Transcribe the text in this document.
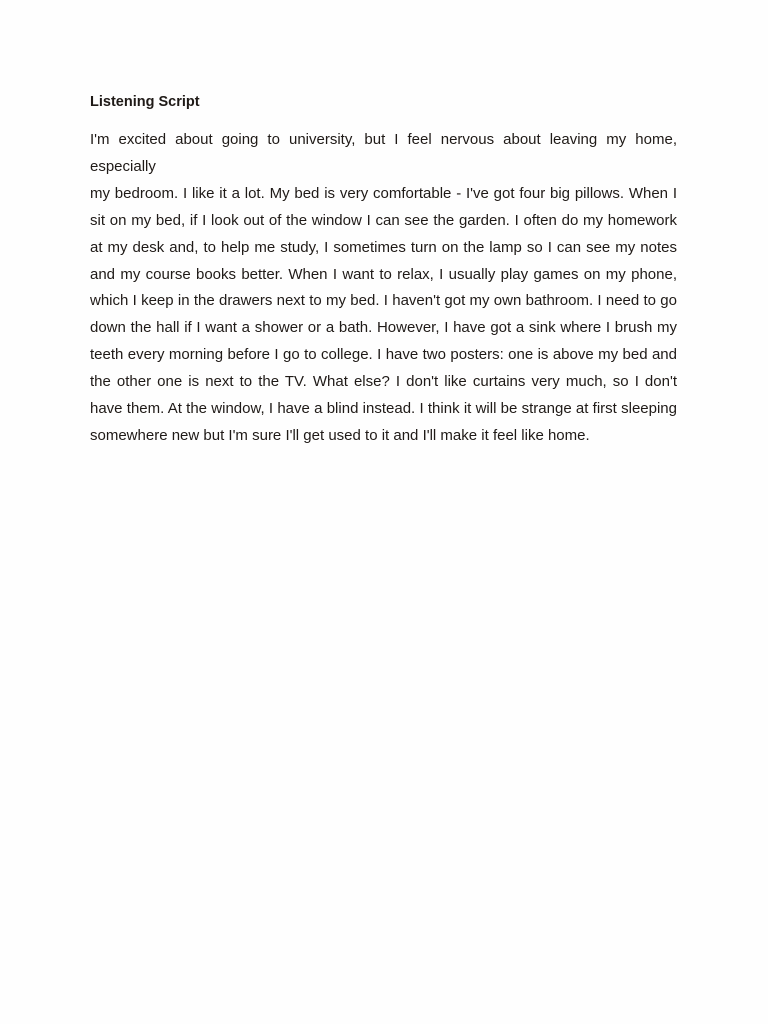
Listening Script

I'm excited about going to university, but I feel nervous about leaving my home, especially

my bedroom. I like it a lot. My bed is very comfortable - I've got four big pillows. When I sit on my bed, if I look out of the window I can see the garden. I often do my homework at my desk and, to help me study, I sometimes turn on the lamp so I can see my notes and my course books better. When I want to relax, I usually play games on my phone, which I keep in the drawers next to my bed. I haven't got my own bathroom. I need to go down the hall if I want a shower or a bath. However, I have got a sink where I brush my teeth every morning before I go to college. I have two posters: one is above my bed and the other one is next to the TV. What else? I don't like curtains very much, so I don't have them. At the window, I have a blind instead. I think it will be strange at first sleeping somewhere new but I'm sure I'll get used to it and I'll make it feel like home.
